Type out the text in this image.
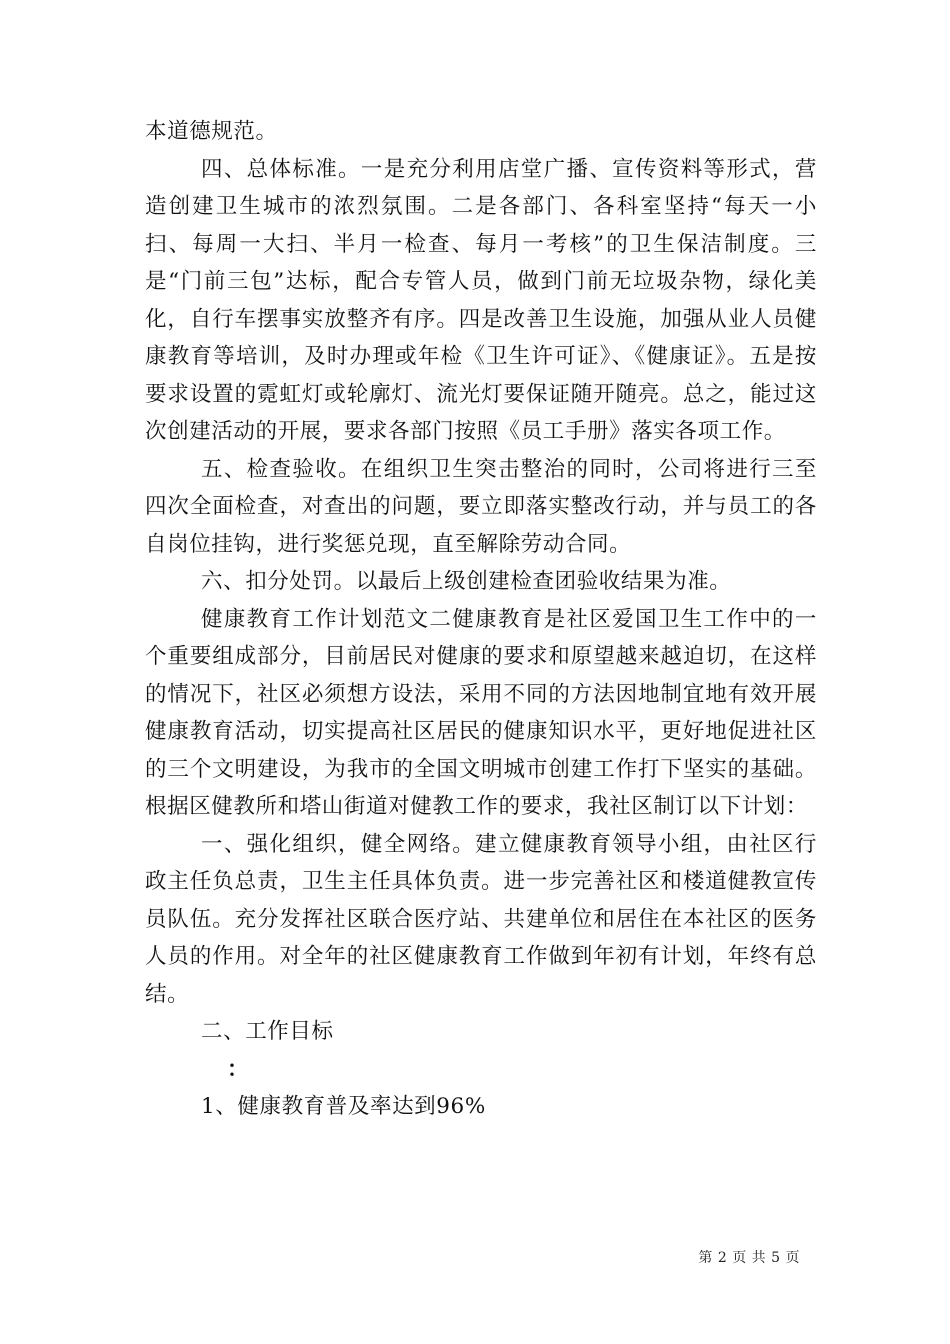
本道德规范。

四、总体标准。一是充分利用店堂广播、宣传资料等形式，营造创建卫生城市的浓烈氛围。二是各部门、各科室坚持“每天一小扫、每周一大扫、半月一检查、每月一考核”的卫生保洁制度。三是“门前三包”达标，配合专管人员，做到门前无垃圾杂物，绿化美化，自行车摆事实放整齐有序。四是改善卫生设施，加强从业人员健康教育等培训，及时办理或年检《卫生许可证》、《健康证》。五是按要求设置的霓虹灯或轮廓灯、流光灯要保证随开随亮。总之，能过这次创建活动的开展，要求各部门按照《员工手册》落实各项工作。

五、检查验收。在组织卫生突击整治的同时，公司将进行三至四次全面检查，对查出的问题，要立即落实整改行动，并与员工的各自岗位挂钩，进行奖惩兑现，直至解除劳动合同。

六、扣分处罚。以最后上级创建检查团验收结果为准。

健康教育工作计划范文二健康教育是社区爱国卫生工作中的一个重要组成部分，目前居民对健康的要求和原望越来越迫切，在这样的情况下，社区必须想方设法，采用不同的方法因地制宜地有效开展健康教育活动，切实提高社区居民的健康知识水平，更好地促进社区的三个文明建设，为我市的全国文明城市创建工作打下坚实的基础。根据区健教所和塔山街道对健教工作的要求，我社区制订以下计划：

一、强化组织，健全网络。建立健康教育领导小组，由社区行政主任负总责，卫生主任具体负责。进一步完善社区和楼道健教宣传员队伍。充分发挥社区联合医疗站、共建单位和居住在本社区的医务人员的作用。对全年的社区健康教育工作做到年初有计划，年终有总结。

二、工作目标

：

1、健康教育普及率达到96%

第 2 页 共 5 页
